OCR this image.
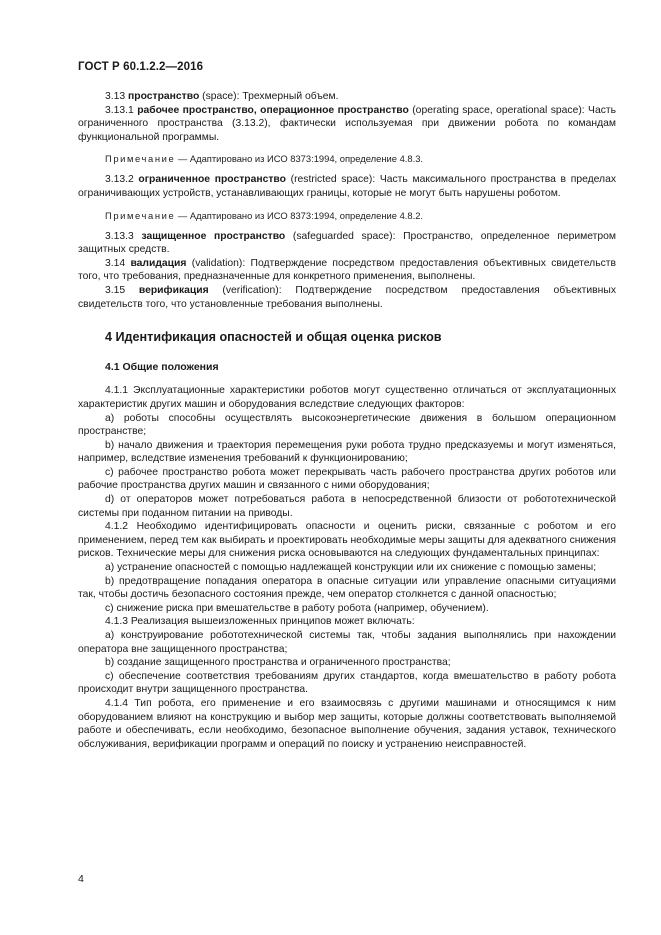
ГОСТ Р 60.1.2.2—2016

3.13 пространство (space): Трехмерный объем.

3.13.1 рабочее пространство, операционное пространство (operating space, operational space): Часть ограниченного пространства (3.13.2), фактически используемая при движении робота по командам функциональной программы.

Примечание — Адаптировано из ИСО 8373:1994, определение 4.8.3.

3.13.2 ограниченное пространство (restricted space): Часть максимального пространства в пределах ограничивающих устройств, устанавливающих границы, которые не могут быть нарушены роботом.

Примечание — Адаптировано из ИСО 8373:1994, определение 4.8.2.

3.13.3 защищенное пространство (safeguarded space): Пространство, определенное периметром защитных средств.

3.14 валидация (validation): Подтверждение посредством предоставления объективных свидетельств того, что требования, предназначенные для конкретного применения, выполнены.

3.15 верификация (verification): Подтверждение посредством предоставления объективных свидетельств того, что установленные требования выполнены.

4 Идентификация опасностей и общая оценка рисков

4.1 Общие положения

4.1.1 Эксплуатационные характеристики роботов могут существенно отличаться от эксплуатационных характеристик других машин и оборудования вследствие следующих факторов:

a) роботы способны осуществлять высокоэнергетические движения в большом операционном пространстве;

b) начало движения и траектория перемещения руки робота трудно предсказуемы и могут изменяться, например, вследствие изменения требований к функционированию;

c) рабочее пространство робота может перекрывать часть рабочего пространства других роботов или рабочие пространства других машин и связанного с ними оборудования;

d) от операторов может потребоваться работа в непосредственной близости от робототехнической системы при поданном питании на приводы.

4.1.2 Необходимо идентифицировать опасности и оценить риски, связанные с роботом и его применением, перед тем как выбирать и проектировать необходимые меры защиты для адекватного снижения рисков. Технические меры для снижения риска основываются на следующих фундаментальных принципах:

a) устранение опасностей с помощью надлежащей конструкции или их снижение с помощью замены;

b) предотвращение попадания оператора в опасные ситуации или управление опасными ситуациями так, чтобы достичь безопасного состояния прежде, чем оператор столкнется с данной опасностью;

c) снижение риска при вмешательстве в работу робота (например, обучением).

4.1.3 Реализация вышеизложенных принципов может включать:

a) конструирование робототехнической системы так, чтобы задания выполнялись при нахождении оператора вне защищенного пространства;

b) создание защищенного пространства и ограниченного пространства;

c) обеспечение соответствия требованиям других стандартов, когда вмешательство в работу робота происходит внутри защищенного пространства.

4.1.4 Тип робота, его применение и его взаимосвязь с другими машинами и относящимся к ним оборудованием влияют на конструкцию и выбор мер защиты, которые должны соответствовать выполняемой работе и обеспечивать, если необходимо, безопасное выполнение обучения, задания уставок, технического обслуживания, верификации программ и операций по поиску и устранению неисправностей.

4
